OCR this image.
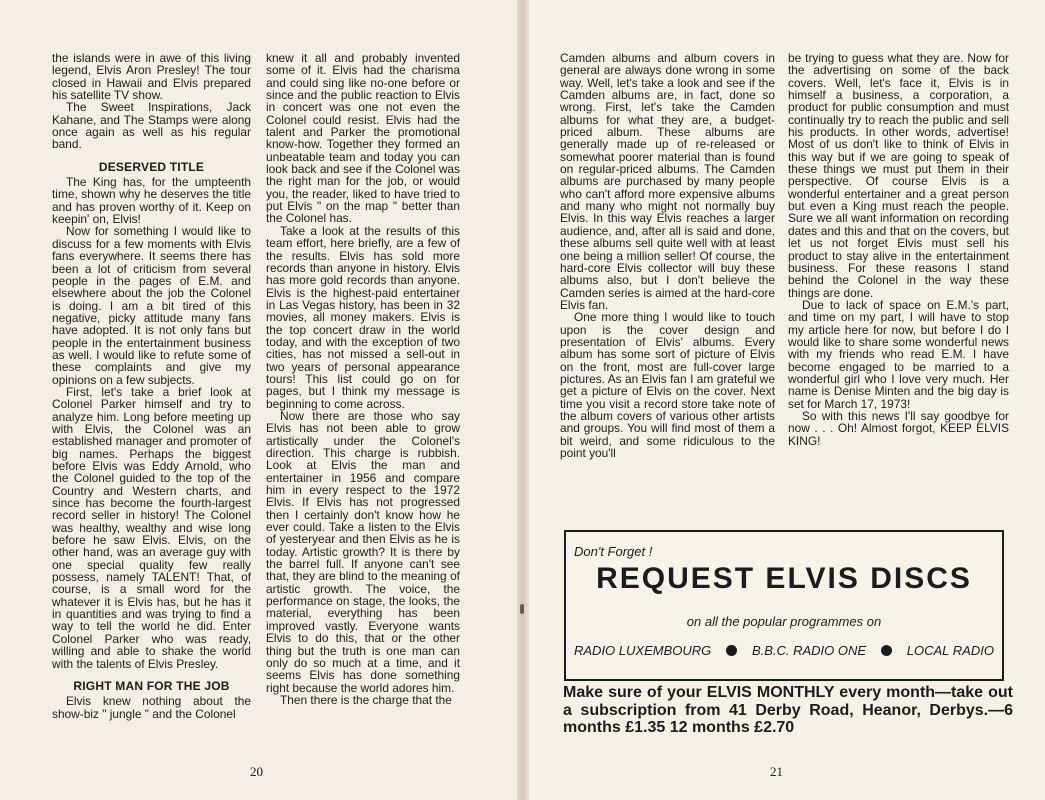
the islands were in awe of this living legend, Elvis Aron Presley! The tour closed in Hawaii and Elvis prepared his satellite TV show.

The Sweet Inspirations, Jack Kahane, and The Stamps were along once again as well as his regular band.

DESERVED TITLE

The King has, for the umpteenth time, shown why he deserves the title and has proven worthy of it. Keep on keepin' on, Elvis!

Now for something I would like to discuss for a few moments with Elvis fans everywhere. It seems there has been a lot of criticism from several people in the pages of E.M. and elsewhere about the job the Colonel is doing. I am a bit tired of this negative, picky attitude many fans have adopted. It is not only fans but people in the entertainment business as well. I would like to refute some of these complaints and give my opinions on a few subjects.

First, let's take a brief look at Colonel Parker himself and try to analyze him. Long before meeting up with Elvis, the Colonel was an established manager and promoter of big names. Perhaps the biggest before Elvis was Eddy Arnold, who the Colonel guided to the top of the Country and Western charts, and since has become the fourth-largest record seller in history! The Colonel was healthy, wealthy and wise long before he saw Elvis. Elvis, on the other hand, was an average guy with one special quality few really possess, namely TALENT! That, of course, is a small word for the whatever it is Elvis has, but he has it in quantities and was trying to find a way to tell the world he did. Enter Colonel Parker who was ready, willing and able to shake the world with the talents of Elvis Presley.

RIGHT MAN FOR THE JOB

Elvis knew nothing about the show-biz " jungle " and the Colonel

knew it all and probably invented some of it. Elvis had the charisma and could sing like no-one before or since and the public reaction to Elvis in concert was one not even the Colonel could resist. Elvis had the talent and Parker the promotional know-how. Together they formed an unbeatable team and today you can look back and see if the Colonel was the right man for the job, or would you, the reader, liked to have tried to put Elvis " on the map " better than the Colonel has.

Take a look at the results of this team effort, here briefly, are a few of the results. Elvis has sold more records than anyone in history. Elvis has more gold records than anyone. Elvis is the highest-paid entertainer in Las Vegas history, has been in 32 movies, all money makers. Elvis is the top concert draw in the world today, and with the exception of two cities, has not missed a sell-out in two years of personal appearance tours! This list could go on for pages, but I think my message is beginning to come across.

Now there are those who say Elvis has not been able to grow artistically under the Colonel's direction. This charge is rubbish. Look at Elvis the man and entertainer in 1956 and compare him in every respect to the 1972 Elvis. If Elvis has not progressed then I certainly don't know how he ever could. Take a listen to the Elvis of yesteryear and then Elvis as he is today. Artistic growth? It is there by the barrel full. If anyone can't see that, they are blind to the meaning of artistic growth. The voice, the performance on stage, the looks, the material, everything has been improved vastly. Everyone wants Elvis to do this, that or the other thing but the truth is one man can only do so much at a time, and it seems Elvis has done something right because the world adores him.

Then there is the charge that the

20

Camden albums and album covers in general are always done wrong in some way. Well, let's take a look and see if the Camden albums are, in fact, done so wrong. First, let's take the Camden albums for what they are, a budget-priced album. These albums are generally made up of re-released or somewhat poorer material than is found on regular-priced albums. The Camden albums are purchased by many people who can't afford more expensive albums and many who might not normally buy Elvis. In this way Elvis reaches a larger audience, and, after all is said and done, these albums sell quite well with at least one being a million seller! Of course, the hard-core Elvis collector will buy these albums also, but I don't believe the Camden series is aimed at the hard-core Elvis fan.

One more thing I would like to touch upon is the cover design and presentation of Elvis' albums. Every album has some sort of picture of Elvis on the front, most are full-cover large pictures. As an Elvis fan I am grateful we get a picture of Elvis on the cover. Next time you visit a record store take note of the album covers of various other artists and groups. You will find most of them a bit weird, and some ridiculous to the point you'll

be trying to guess what they are. Now for the advertising on some of the back covers. Well, let's face it, Elvis is in himself a business, a corporation, a product for public consumption and must continually try to reach the public and sell his products. In other words, advertise! Most of us don't like to think of Elvis in this way but if we are going to speak of these things we must put them in their perspective. Of course Elvis is a wonderful entertainer and a great person but even a King must reach the people. Sure we all want information on recording dates and this and that on the covers, but let us not forget Elvis must sell his product to stay alive in the entertainment business. For these reasons I stand behind the Colonel in the way these things are done.

Due to lack of space on E.M.'s part, and time on my part, I will have to stop my article here for now, but before I do I would like to share some wonderful news with my friends who read E.M. I have become engaged to be married to a wonderful girl who I love very much. Her name is Denise Minten and the big day is set for March 17, 1973!

So with this news I'll say goodbye for now . . . Oh! Almost forgot, KEEP ELVIS KING!

Don't Forget !
REQUEST ELVIS DISCS
on all the popular programmes on
RADIO LUXEMBOURG	B.B.C. RADIO ONE	LOCAL RADIO
Make sure of your ELVIS MONTHLY every month—take out a subscription from 41 Derby Road, Heanor, Derbys.—6 months £1.35 12 months £2.70
21
